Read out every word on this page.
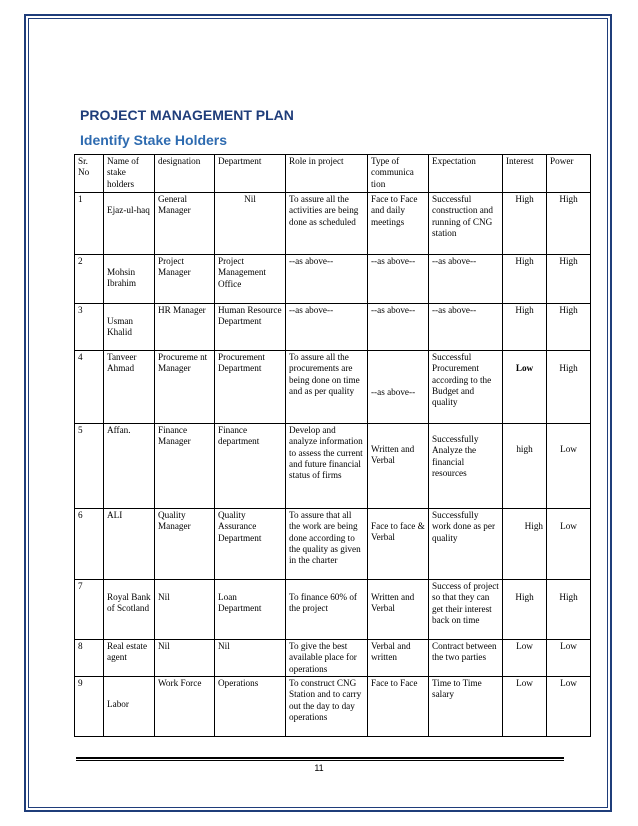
PROJECT MANAGEMENT PLAN
Identify Stake Holders
Sr. No	Name of stake holders	designation	Department	Role in project	Type of communica tion	Expectation	Interest	Power
1	Ejaz-ul-haq	General Manager	Nil	To assure all the activities are being done as scheduled	Face to Face and daily meetings	Successful construction and running of CNG station	High	High
2	Mohsin Ibrahim	Project Manager	Project Management Office	--as above--	--as above--	--as above--	High	High
3	Usman Khalid	HR Manager	Human Resource Department	--as above--	--as above--	--as above--	High	High
4	Tanveer Ahmad	Procureme nt Manager	Procurement Department	To assure all the procurements are being done on time and as per quality	--as above--	Successful Procurement according to the Budget and quality	Low	High
5	Affan.	Finance Manager	Finance department	Develop and analyze information to assess the current and future financial status of firms	Written and Verbal	Successfully Analyze the financial resources	high	Low
6	ALI	Quality Manager	Quality Assurance Department	To assure that all the work are being done according to the quality as given in the charter	Face to face & Verbal	Successfully work done as per quality	High	Low
7	Royal Bank of Scotland	Nil	Loan Department	To finance 60% of the project	Written and Verbal	Success of project so that they can get their interest back on time	High	High
8	Real estate agent	Nil	Nil	To give the best available place for operations	Verbal and written	Contract between the two parties	Low	Low
9	Labor	Work Force	Operations	To construct CNG Station and to carry out the day to day operations	Face to Face	Time to Time salary	Low	Low
11
